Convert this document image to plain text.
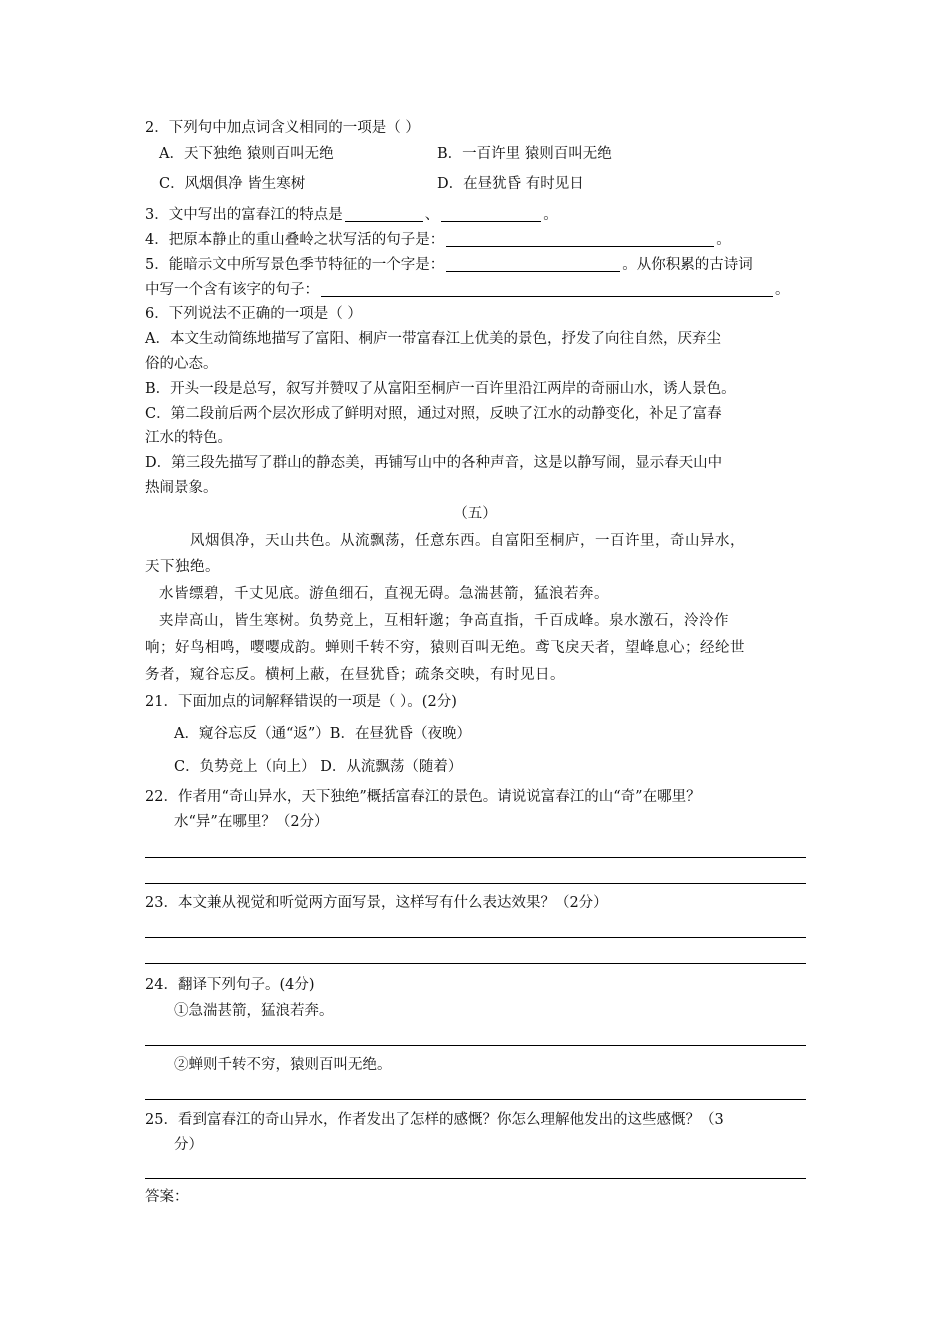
2．下列句中加点词含义相同的一项是（ ）
A．天下独绝 猿则百叫无绝	B．一百许里 猿则百叫无绝
C．风烟俱净 皆生寒树	D．在昼犹昏 有时见日
3．文中写出的富春江的特点是	、	。
4．把原本静止的重山叠岭之状写活的句子是：	。
5．能暗示文中所写景色季节特征的一个字是：	。从你积累的古诗词
中写一个含有该字的句子：	。
6．下列说法不正确的一项是（ ）
A．本文生动简练地描写了富阳、桐庐一带富春江上优美的景色，抒发了向往自然，厌弃尘
俗的心态。
B．开头一段是总写，叙写并赞叹了从富阳至桐庐一百许里沿江两岸的奇丽山水，诱人景色。
C．第二段前后两个层次形成了鲜明对照，通过对照，反映了江水的动静变化，补足了富春
江水的特色。
D．第三段先描写了群山的静态美，再铺写山中的各种声音，这是以静写闹，显示春天山中
热闹景象。
（五）
风烟俱净，天山共色。从流飘荡，任意东西。自富阳至桐庐，一百许里，奇山异水，
天下独绝。
水皆缥碧，千丈见底。游鱼细石，直视无碍。急湍甚箭，猛浪若奔。
夹岸高山，皆生寒树。负势竞上，互相轩邈；争高直指，千百成峰。泉水激石，泠泠作
响；好鸟相鸣，嘤嘤成韵。蝉则千转不穷，猿则百叫无绝。鸢飞戾天者，望峰息心；经纶世
务者，窥谷忘反。横柯上蔽，在昼犹昏；疏条交映，有时见日。
21．下面加点的词解释错误的一项是（ ）。(2分)
A．窥谷忘反（通“返”）B．在昼犹昏（夜晚）
C．负势竞上（向上） D．从流飘荡（随着）
22．作者用“奇山异水，天下独绝”概括富春江的景色。请说说富春江的山“奇”在哪里？
水“异”在哪里？（2分）
23．本文兼从视觉和听觉两方面写景，这样写有什么表达效果？（2分）
24．翻译下列句子。(4分)
①急湍甚箭，猛浪若奔。
②蝉则千转不穷，猿则百叫无绝。
25．看到富春江的奇山异水，作者发出了怎样的感慨？你怎么理解他发出的这些感慨？（3
分）
答案：
